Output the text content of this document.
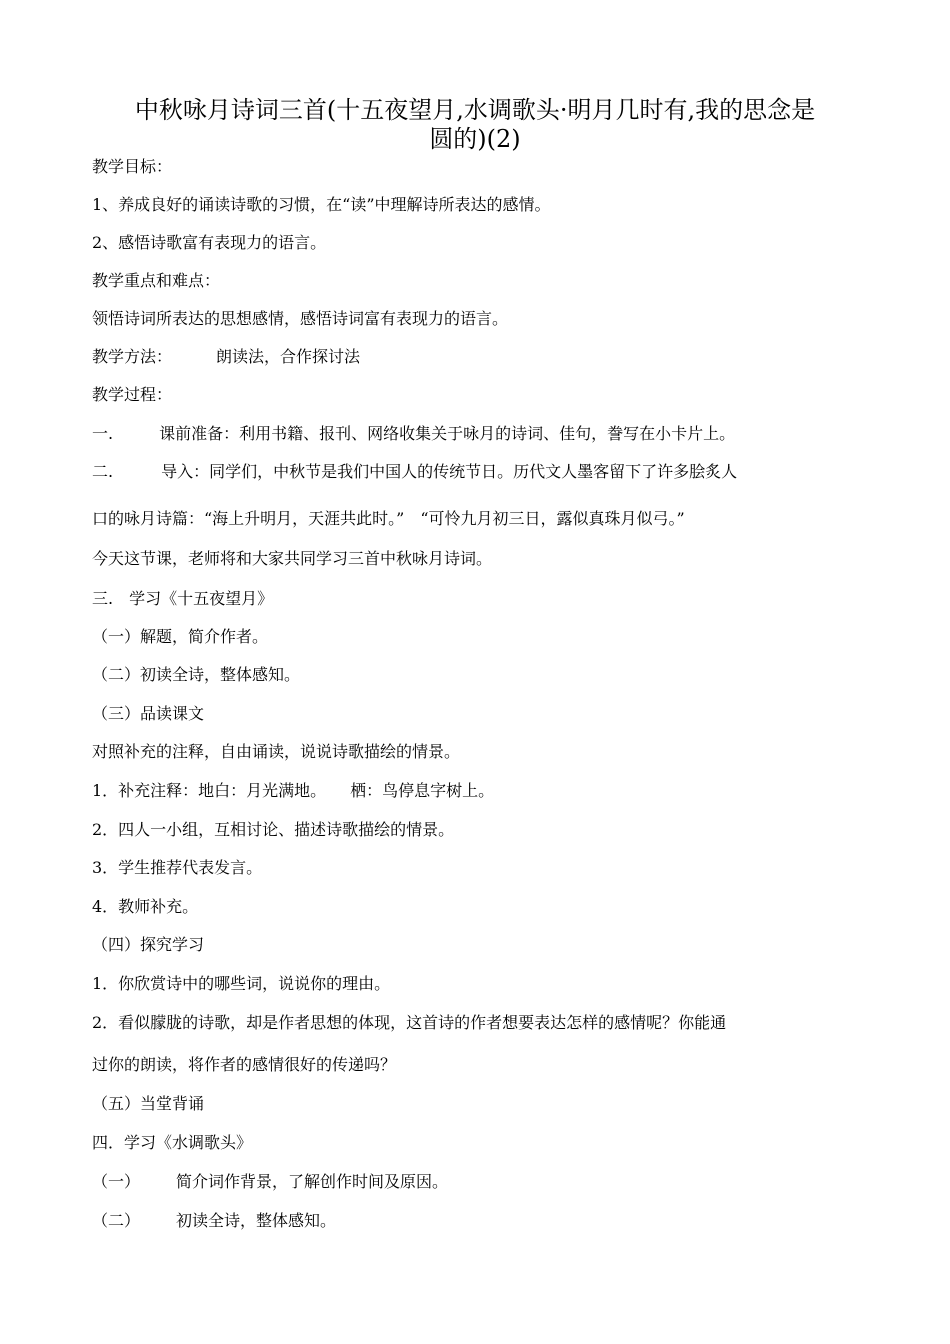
中秋咏月诗词三首(十五夜望月,水调歌头·明月几时有,我的思念是
圆的)(2)

教学目标：

1、养成良好的诵读诗歌的习惯，在“读”中理解诗所表达的感情。

2、感悟诗歌富有表现力的语言。

教学重点和难点：

领悟诗词所表达的思想感情，感悟诗词富有表现力的语言。

教学方法：	朗读法，合作探讨法

教学过程：

一.	课前准备：利用书籍、报刊、网络收集关于咏月的诗词、佳句，誊写在小卡片上。

二.	导入：同学们，中秋节是我们中国人的传统节日。历代文人墨客留下了许多脍炙人

口的咏月诗篇：“海上升明月，天涯共此时。”　“可怜九月初三日，露似真珠月似弓。”

今天这节课，老师将和大家共同学习三首中秋咏月诗词。

三.　学习《十五夜望月》

（一）解题，简介作者。

（二）初读全诗，整体感知。

（三）品读课文

对照补充的注释，自由诵读，说说诗歌描绘的情景。

1．补充注释：地白：月光满地。　　栖：鸟停息字树上。

2．四人一小组，互相讨论、描述诗歌描绘的情景。

3．学生推荐代表发言。

4．教师补充。

（四）探究学习

1．你欣赏诗中的哪些词，说说你的理由。

2．看似朦胧的诗歌，却是作者思想的体现，这首诗的作者想要表达怎样的感情呢？你能通

过你的朗读，将作者的感情很好的传递吗？

（五）当堂背诵

四．学习《水调歌头》

（一） 简介词作背景，了解创作时间及原因。

（二） 初读全诗，整体感知。
